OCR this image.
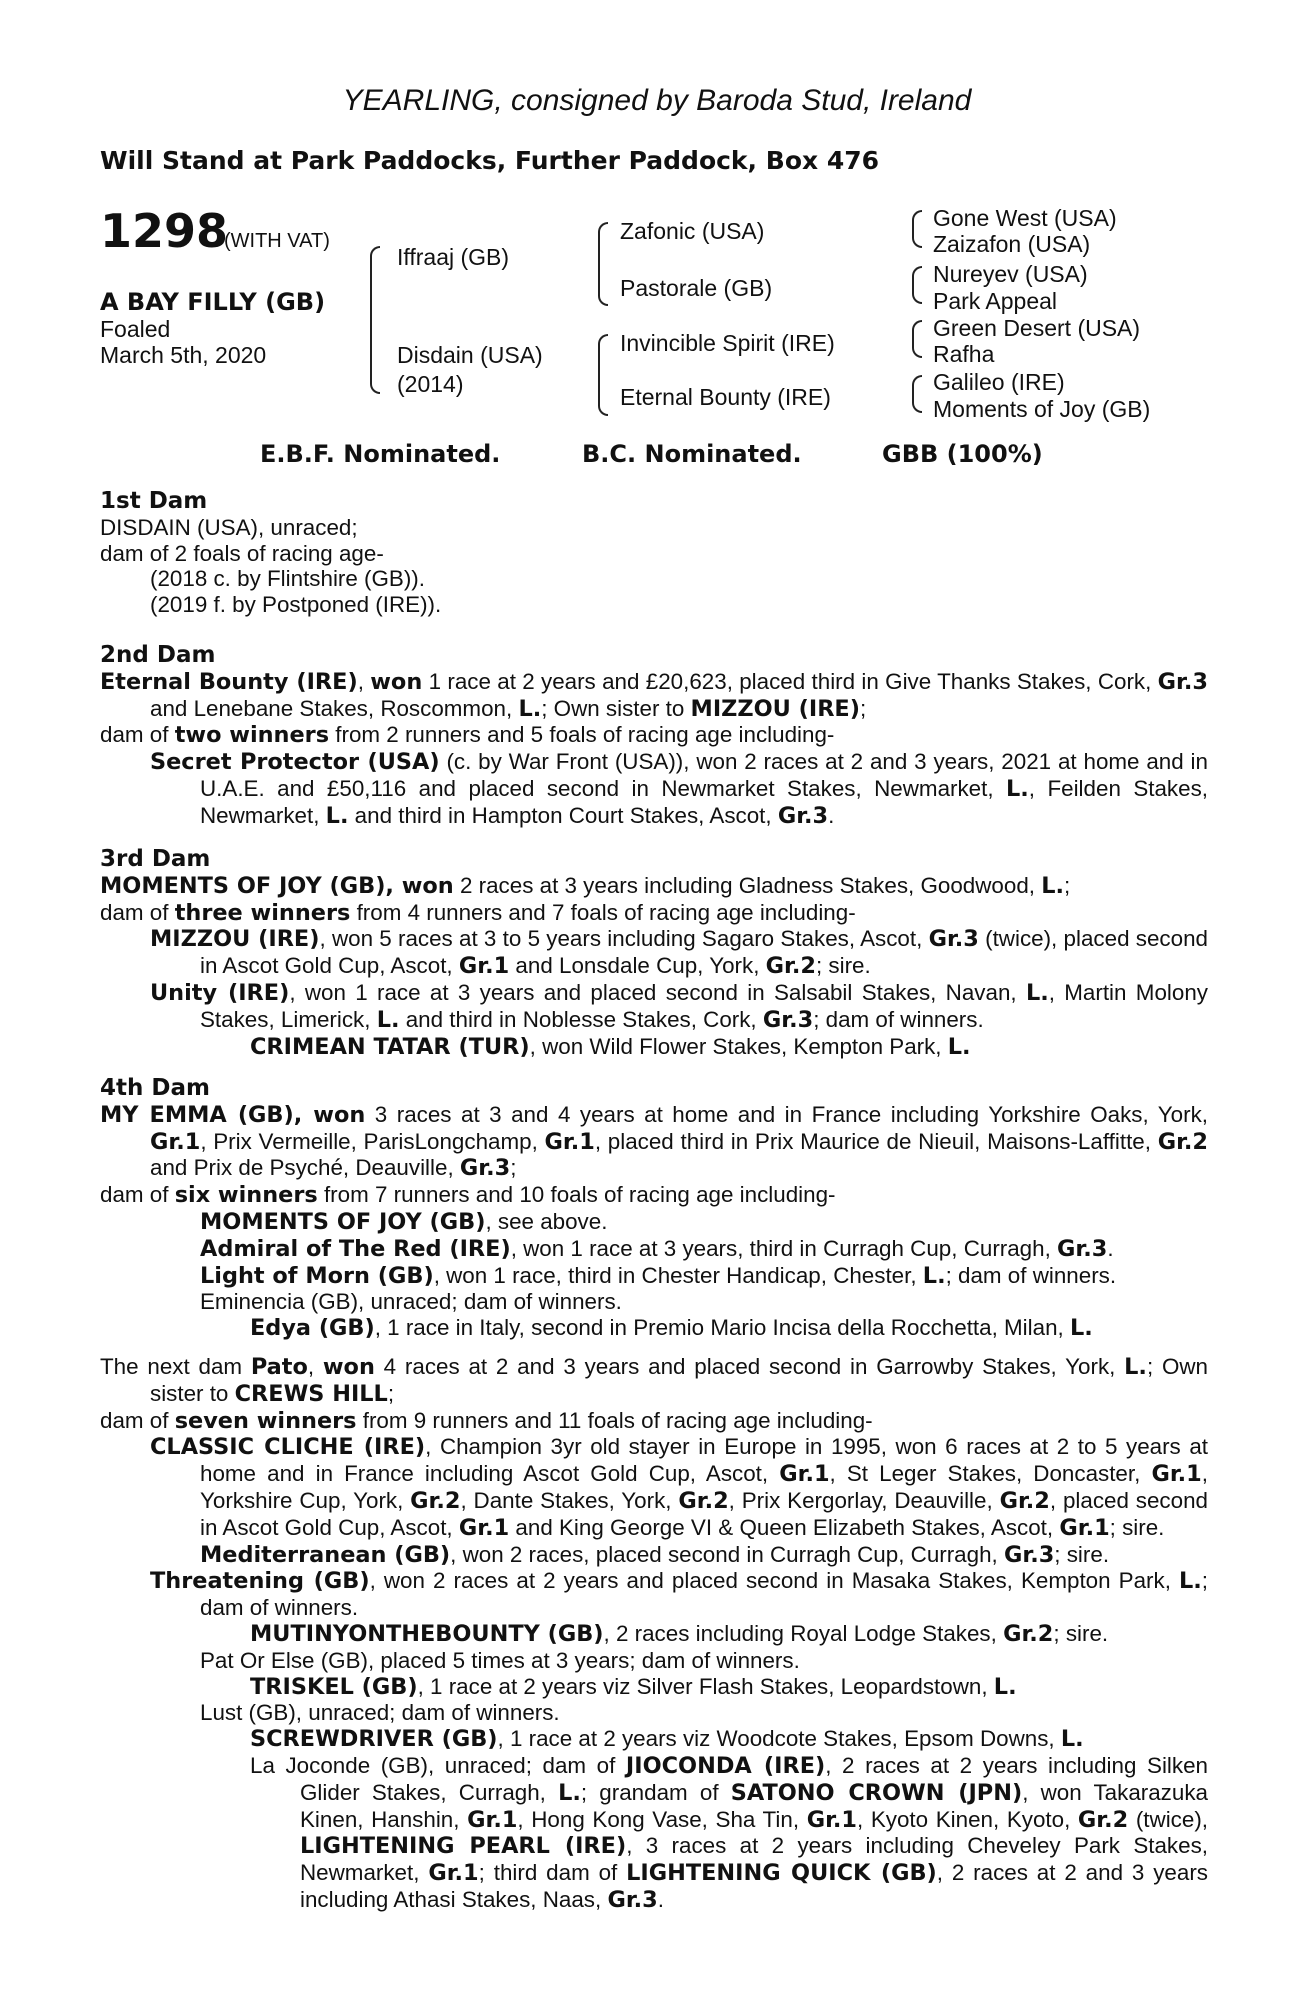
YEARLING, consigned by Baroda Stud, Ireland
Will Stand at Park Paddocks, Further Paddock, Box 476
1298
(WITH VAT)
A BAY FILLY (GB)
Foaled
March 5th, 2020
Iffraaj (GB)
Disdain (USA)
(2014)
Zafonic (USA)
Pastorale (GB)
Invincible Spirit (IRE)
Eternal Bounty (IRE)
Gone West (USA)
Zaizafon (USA)
Nureyev (USA)
Park Appeal
Green Desert (USA)
Rafha
Galileo (IRE)
Moments of Joy (GB)
E.B.F. Nominated.	B.C. Nominated.	GBB (100%)

1st Dam

DISDAIN (USA), unraced;

dam of 2 foals of racing age-

(2018 c. by Flintshire (GB)).

(2019 f. by Postponed (IRE)).

2nd Dam

Eternal Bounty (IRE), won 1 race at 2 years and £20,623, placed third in Give Thanks Stakes, Cork, Gr.3 and Lenebane Stakes, Roscommon, L.; Own sister to MIZZOU (IRE);

dam of two winners from 2 runners and 5 foals of racing age including-

Secret Protector (USA) (c. by War Front (USA)), won 2 races at 2 and 3 years, 2021 at home and in U.A.E. and £50,116 and placed second in Newmarket Stakes, Newmarket, L., Feilden Stakes, Newmarket, L. and third in Hampton Court Stakes, Ascot, Gr.3.

3rd Dam

MOMENTS OF JOY (GB), won 2 races at 3 years including Gladness Stakes, Goodwood, L.;

dam of three winners from 4 runners and 7 foals of racing age including-

MIZZOU (IRE), won 5 races at 3 to 5 years including Sagaro Stakes, Ascot, Gr.3 (twice), placed second in Ascot Gold Cup, Ascot, Gr.1 and Lonsdale Cup, York, Gr.2; sire.

Unity (IRE), won 1 race at 3 years and placed second in Salsabil Stakes, Navan, L., Martin Molony Stakes, Limerick, L. and third in Noblesse Stakes, Cork, Gr.3; dam of winners.

CRIMEAN TATAR (TUR), won Wild Flower Stakes, Kempton Park, L.

4th Dam

MY EMMA (GB), won 3 races at 3 and 4 years at home and in France including Yorkshire Oaks, York, Gr.1, Prix Vermeille, ParisLongchamp, Gr.1, placed third in Prix Maurice de Nieuil, Maisons-Laffitte, Gr.2 and Prix de Psyché, Deauville, Gr.3;

dam of six winners from 7 runners and 10 foals of racing age including-

MOMENTS OF JOY (GB), see above.

Admiral of The Red (IRE), won 1 race at 3 years, third in Curragh Cup, Curragh, Gr.3.

Light of Morn (GB), won 1 race, third in Chester Handicap, Chester, L.; dam of winners.

Eminencia (GB), unraced; dam of winners.

Edya (GB), 1 race in Italy, second in Premio Mario Incisa della Rocchetta, Milan, L.

The next dam Pato, won 4 races at 2 and 3 years and placed second in Garrowby Stakes, York, L.; Own sister to CREWS HILL;

dam of seven winners from 9 runners and 11 foals of racing age including-

CLASSIC CLICHE (IRE), Champion 3yr old stayer in Europe in 1995, won 6 races at 2 to 5 years at home and in France including Ascot Gold Cup, Ascot, Gr.1, St Leger Stakes, Doncaster, Gr.1, Yorkshire Cup, York, Gr.2, Dante Stakes, York, Gr.2, Prix Kergorlay, Deauville, Gr.2, placed second in Ascot Gold Cup, Ascot, Gr.1 and King George VI & Queen Elizabeth Stakes, Ascot, Gr.1; sire.

Mediterranean (GB), won 2 races, placed second in Curragh Cup, Curragh, Gr.3; sire.

Threatening (GB), won 2 races at 2 years and placed second in Masaka Stakes, Kempton Park, L.; dam of winners.

MUTINYONTHEBOUNTY (GB), 2 races including Royal Lodge Stakes, Gr.2; sire.

Pat Or Else (GB), placed 5 times at 3 years; dam of winners.

TRISKEL (GB), 1 race at 2 years viz Silver Flash Stakes, Leopardstown, L.

Lust (GB), unraced; dam of winners.

SCREWDRIVER (GB), 1 race at 2 years viz Woodcote Stakes, Epsom Downs, L.

La Joconde (GB), unraced; dam of JIOCONDA (IRE), 2 races at 2 years including Silken Glider Stakes, Curragh, L.; grandam of SATONO CROWN (JPN), won Takarazuka Kinen, Hanshin, Gr.1, Hong Kong Vase, Sha Tin, Gr.1, Kyoto Kinen, Kyoto, Gr.2 (twice), LIGHTENING PEARL (IRE), 3 races at 2 years including Cheveley Park Stakes, Newmarket, Gr.1; third dam of LIGHTENING QUICK (GB), 2 races at 2 and 3 years including Athasi Stakes, Naas, Gr.3.
